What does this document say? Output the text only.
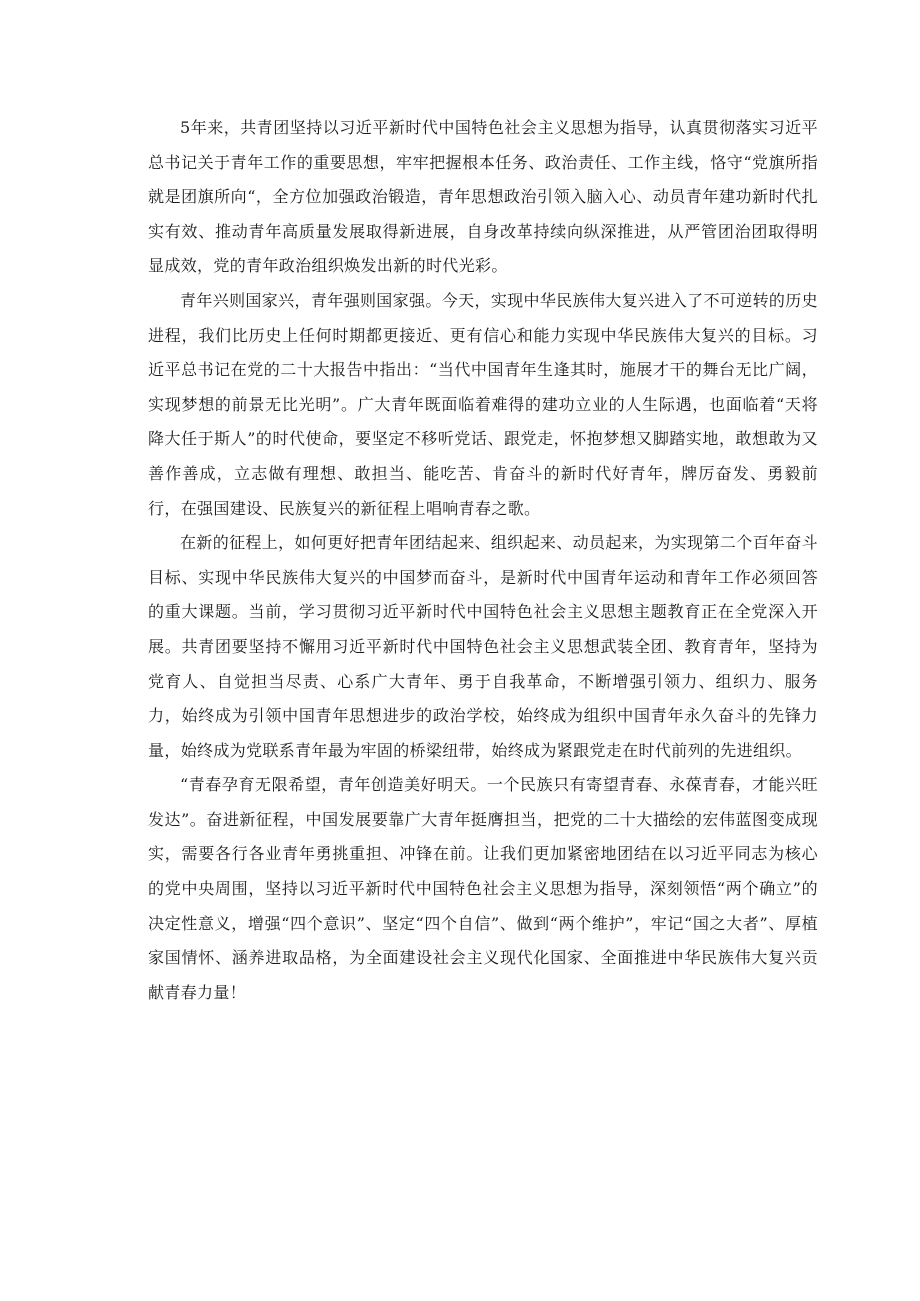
5年来，共青团坚持以习近平新时代中国特色社会主义思想为指导，认真贯彻落实习近平总书记关于青年工作的重要思想，牢牢把握根本任务、政治责任、工作主线，恪守“党旗所指就是团旗所向“，全方位加强政治锻造，青年思想政治引领入脑入心、动员青年建功新时代扎实有效、推动青年高质量发展取得新进展，自身改革持续向纵深推进，从严管团治团取得明显成效，党的青年政治组织焕发出新的时代光彩。

青年兴则国家兴，青年强则国家强。今天，实现中华民族伟大复兴进入了不可逆转的历史进程，我们比历史上任何时期都更接近、更有信心和能力实现中华民族伟大复兴的目标。习近平总书记在党的二十大报告中指出：“当代中国青年生逢其时，施展才干的舞台无比广阔，实现梦想的前景无比光明”。广大青年既面临着难得的建功立业的人生际遇，也面临着“天将降大任于斯人”的时代使命，要坚定不移听党话、跟党走，怀抱梦想又脚踏实地，敢想敢为又善作善成，立志做有理想、敢担当、能吃苦、肯奋斗的新时代好青年，牌厉奋发、勇毅前行，在强国建设、民族复兴的新征程上唱响青春之歌。

在新的征程上，如何更好把青年团结起来、组织起来、动员起来，为实现第二个百年奋斗目标、实现中华民族伟大复兴的中国梦而奋斗，是新时代中国青年运动和青年工作必须回答的重大课题。当前，学习贯彻习近平新时代中国特色社会主义思想主题教育正在全党深入开展。共青团要坚持不懈用习近平新时代中国特色社会主义思想武装全团、教育青年，坚持为党育人、自觉担当尽责、心系广大青年、勇于自我革命，不断增强引领力、组织力、服务力，始终成为引领中国青年思想进步的政治学校，始终成为组织中国青年永久奋斗的先锋力量，始终成为党联系青年最为牢固的桥梁纽带，始终成为紧跟党走在时代前列的先进组织。

“青春孕育无限希望，青年创造美好明天。一个民族只有寄望青春、永葆青春，才能兴旺发达”。奋进新征程，中国发展要靠广大青年挺膺担当，把党的二十大描绘的宏伟蓝图变成现实，需要各行各业青年勇挑重担、冲锋在前。让我们更加紧密地团结在以习近平同志为核心的党中央周围，坚持以习近平新时代中国特色社会主义思想为指导，深刻领悟“两个确立”的决定性意义，增强“四个意识”、坚定“四个自信”、做到“两个维护”，牢记“国之大者”、厚植家国情怀、涵养进取品格，为全面建设社会主义现代化国家、全面推进中华民族伟大复兴贡献青春力量！
